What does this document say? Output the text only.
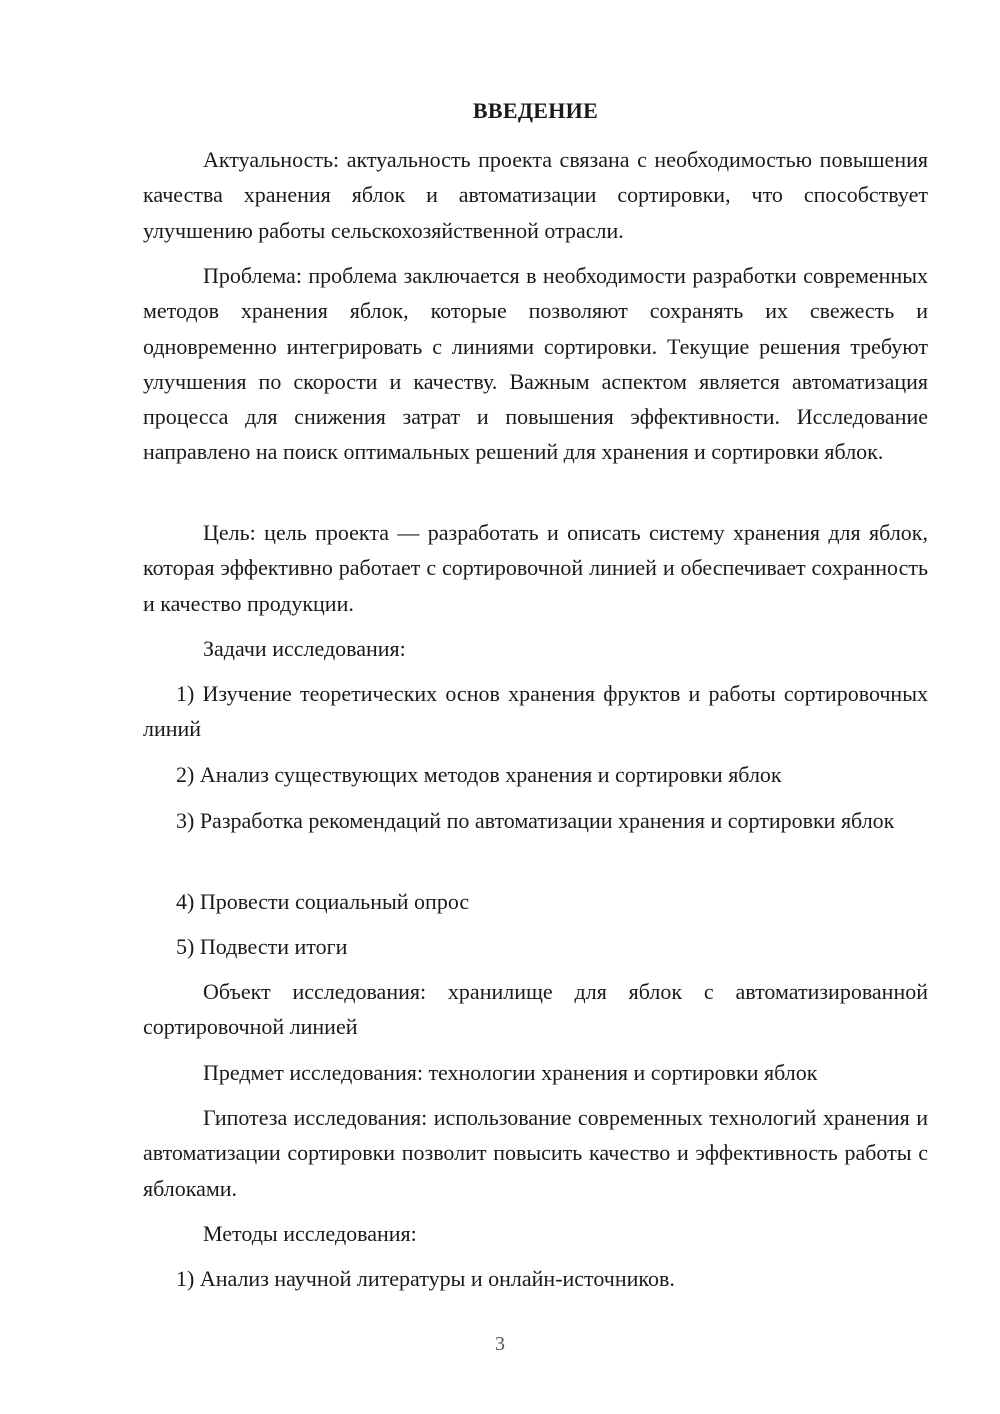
ВВЕДЕНИЕ

Актуальность: актуальность проекта связана с необходимостью повышения качества хранения яблок и автоматизации сортировки, что способствует улучшению работы сельскохозяйственной отрасли.

Проблема: проблема заключается в необходимости разработки современных методов хранения яблок, которые позволяют сохранять их свежесть и одновременно интегрировать с линиями сортировки. Текущие решения требуют улучшения по скорости и качеству. Важным аспектом является автоматизация процесса для снижения затрат и повышения эффективности. Исследование направлено на поиск оптимальных решений для хранения и сортировки яблок.

Цель: цель проекта — разработать и описать систему хранения для яблок, которая эффективно работает с сортировочной линией и обеспечивает сохранность и качество продукции.

Задачи исследования:

1) Изучение теоретических основ хранения фруктов и работы сортировочных линий

2) Анализ существующих методов хранения и сортировки яблок

3) Разработка рекомендаций по автоматизации хранения и сортировки яблок

4) Провести социальный опрос

5) Подвести итоги

Объект исследования: хранилище для яблок с автоматизированной сортировочной линией

Предмет исследования: технологии хранения и сортировки яблок

Гипотеза исследования: использование современных технологий хранения и автоматизации сортировки позволит повысить качество и эффективность работы с яблоками.

Методы исследования:

1) Анализ научной литературы и онлайн-источников.

3
